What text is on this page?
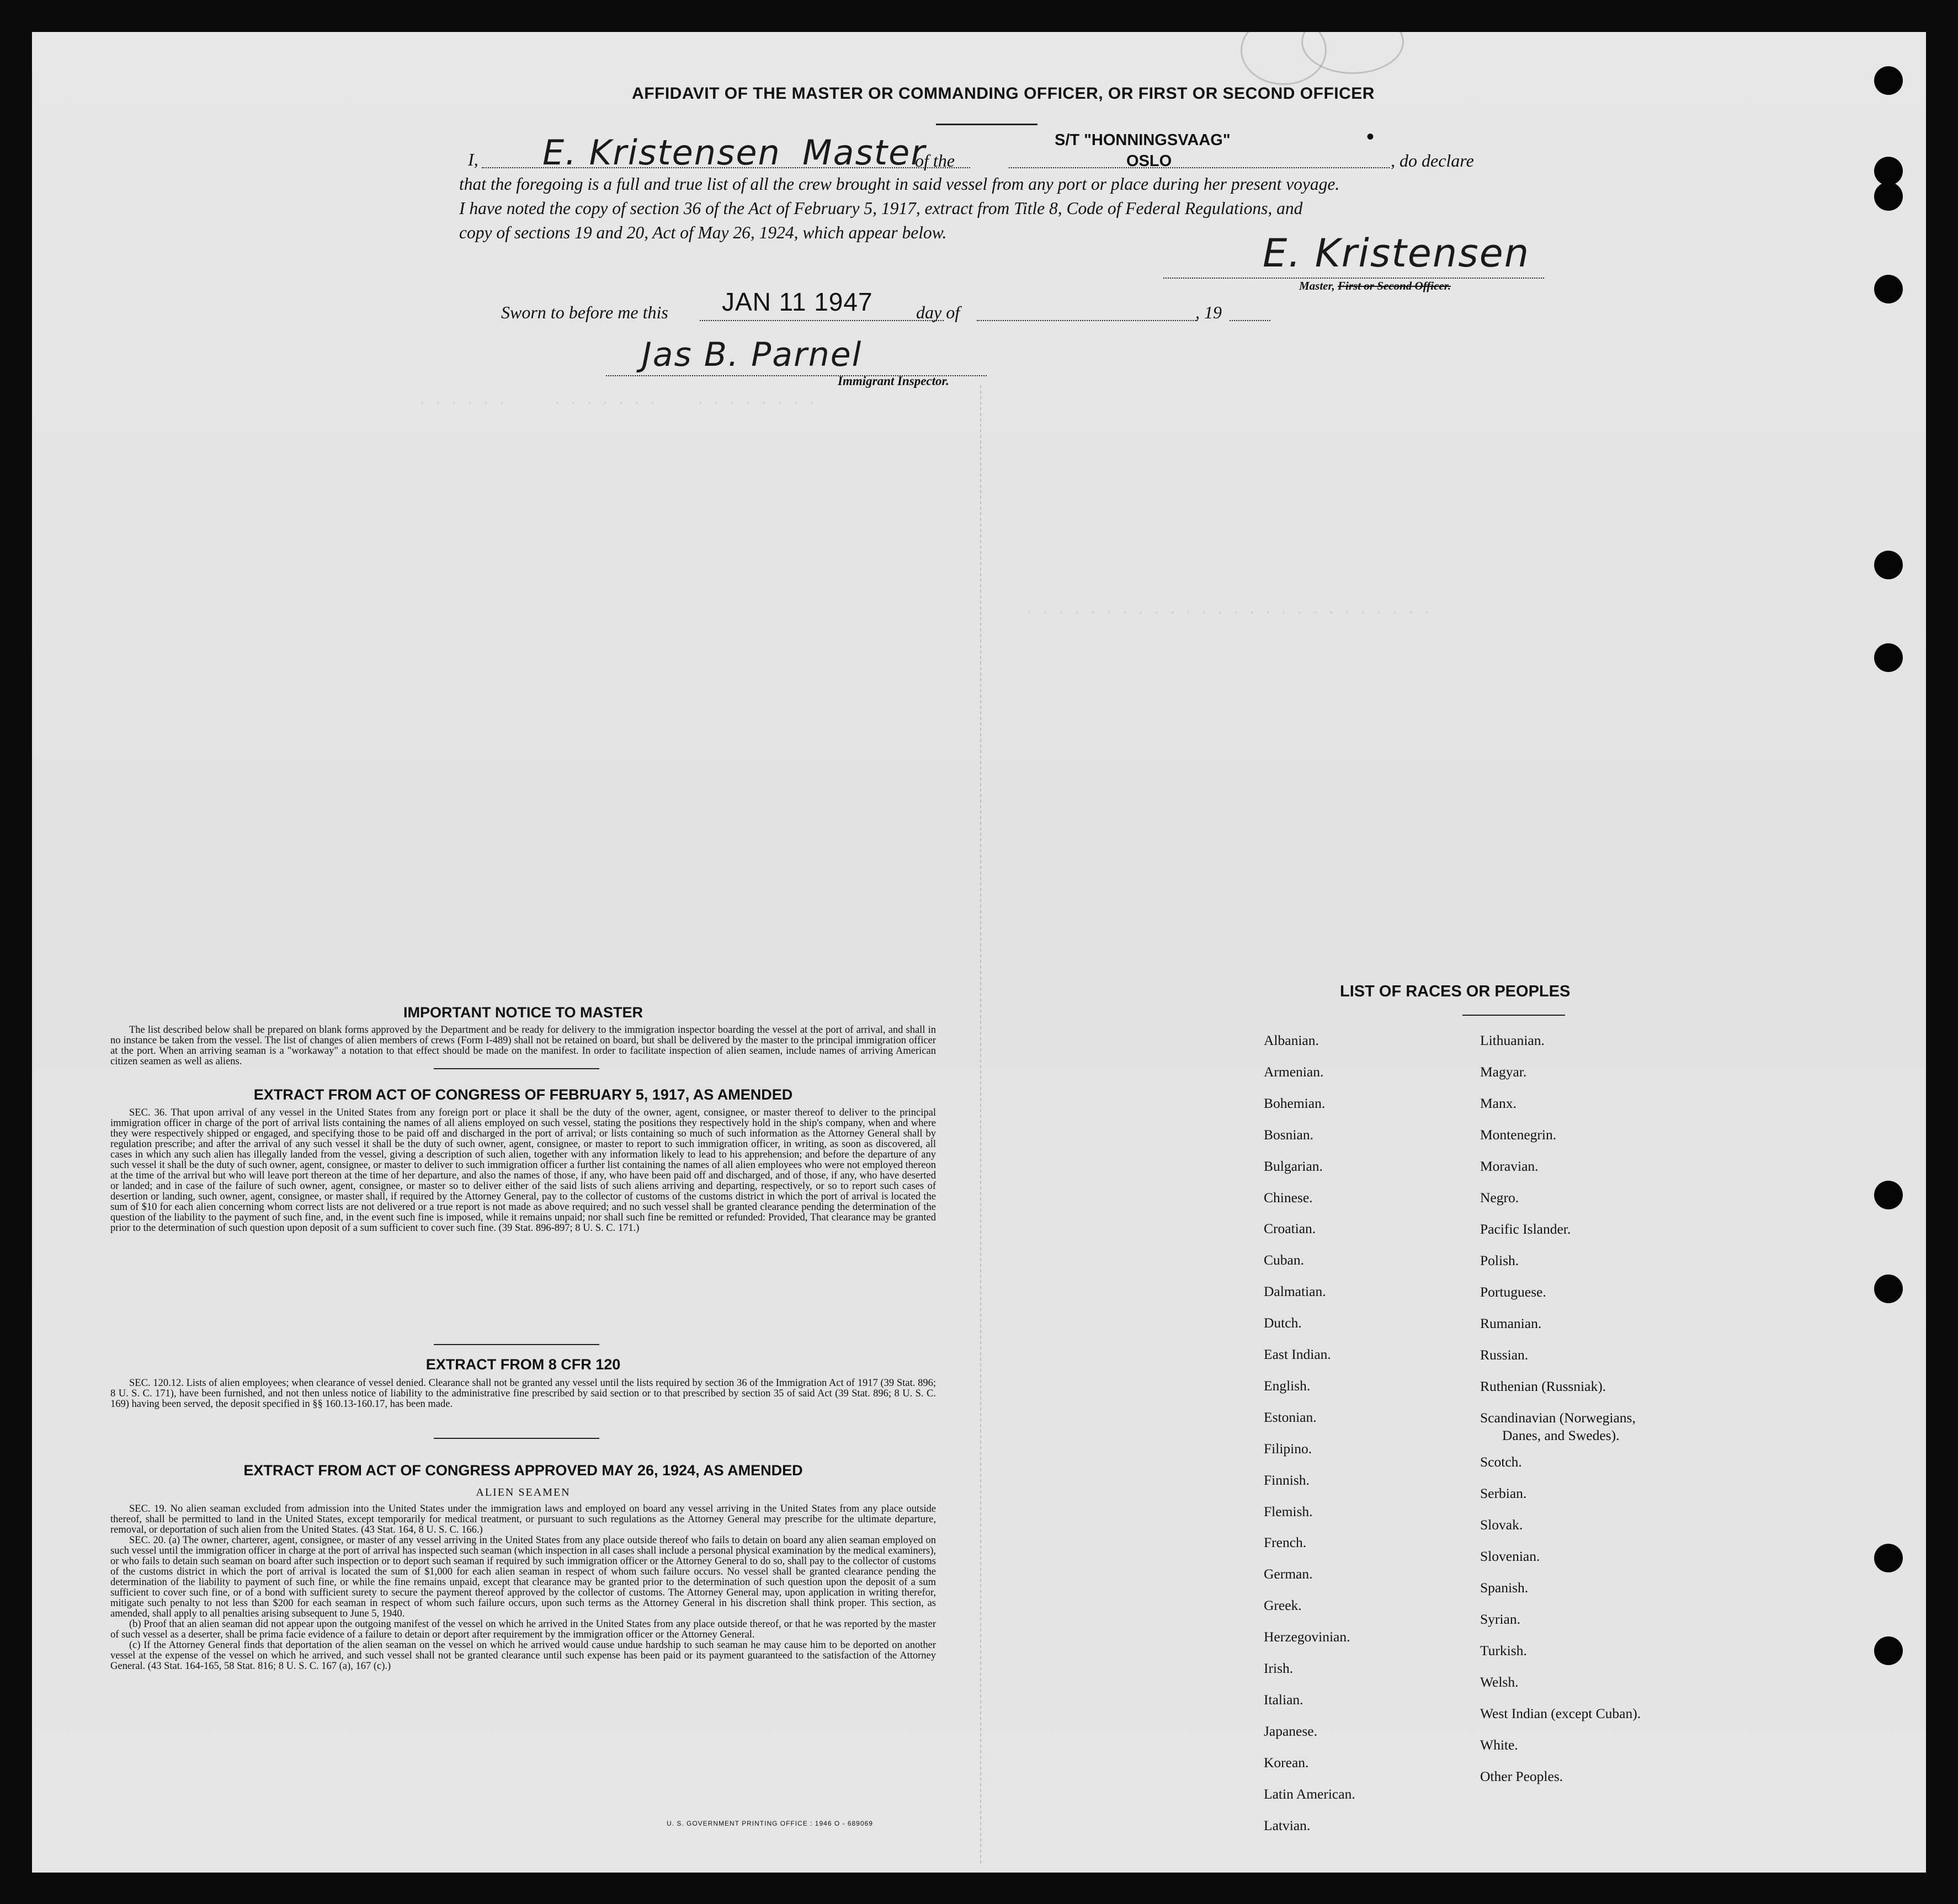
· · · · · ·      · · · · · · ·     · · · · · · · ·
· · · · · · · · · · · · · · · · · · · · · · · · · ·
AFFIDAVIT OF THE MASTER OR COMMANDING OFFICER, OR FIRST OR SECOND OFFICER
I, E. Kristensen Master
of the
S/T "HONNINGSVAAG"
OSLO
•
, do declare
that the foregoing is a full and true list of all the crew brought in said vessel from any port or place during her present voyage.
I have noted the copy of section 36 of the Act of February 5, 1917, extract from Title 8, Code of Federal Regulations, and
copy of sections 19 and 20, Act of May 26, 1924, which appear below.	E. Kristensen
Master, First or Second Officer.
Sworn to before me this JAN 11 1947 day of	, 19
Jas B. Parnel
Immigrant Inspector.
IMPORTANT NOTICE TO MASTER

The list described below shall be prepared on blank forms approved by the Department and be ready for delivery to the immigration inspector boarding the vessel at the port of arrival, and shall in no instance be taken from the vessel. The list of changes of alien members of crews (Form I-489) shall not be retained on board, but shall be delivered by the master to the principal immigration officer at the port. When an arriving seaman is a "workaway" a notation to that effect should be made on the manifest. In order to facilitate inspection of alien seamen, include names of arriving American citizen seamen as well as aliens.

EXTRACT FROM ACT OF CONGRESS OF FEBRUARY 5, 1917, AS AMENDED

SEC. 36. That upon arrival of any vessel in the United States from any foreign port or place it shall be the duty of the owner, agent, consignee, or master thereof to deliver to the principal immigration officer in charge of the port of arrival lists containing the names of all aliens employed on such vessel, stating the positions they respectively hold in the ship's company, when and where they were respectively shipped or engaged, and specifying those to be paid off and discharged in the port of arrival; or lists containing so much of such information as the Attorney General shall by regulation prescribe; and after the arrival of any such vessel it shall be the duty of such owner, agent, consignee, or master to report to such immigration officer, in writing, as soon as discovered, all cases in which any such alien has illegally landed from the vessel, giving a description of such alien, together with any information likely to lead to his apprehension; and before the departure of any such vessel it shall be the duty of such owner, agent, consignee, or master to deliver to such immigration officer a further list containing the names of all alien employees who were not employed thereon at the time of the arrival but who will leave port thereon at the time of her departure, and also the names of those, if any, who have been paid off and discharged, and of those, if any, who have deserted or landed; and in case of the failure of such owner, agent, consignee, or master so to deliver either of the said lists of such aliens arriving and departing, respectively, or so to report such cases of desertion or landing, such owner, agent, consignee, or master shall, if required by the Attorney General, pay to the collector of customs of the customs district in which the port of arrival is located the sum of $10 for each alien concerning whom correct lists are not delivered or a true report is not made as above required; and no such vessel shall be granted clearance pending the determination of the question of the liability to the payment of such fine, and, in the event such fine is imposed, while it remains unpaid; nor shall such fine be remitted or refunded: Provided, That clearance may be granted prior to the determination of such question upon deposit of a sum sufficient to cover such fine. (39 Stat. 896-897; 8 U. S. C. 171.)

EXTRACT FROM 8 CFR 120

SEC. 120.12. Lists of alien employees; when clearance of vessel denied. Clearance shall not be granted any vessel until the lists required by section 36 of the Immigration Act of 1917 (39 Stat. 896; 8 U. S. C. 171), have been furnished, and not then unless notice of liability to the administrative fine prescribed by said section or to that prescribed by section 35 of said Act (39 Stat. 896; 8 U. S. C. 169) having been served, the deposit specified in §§ 160.13-160.17, has been made.

EXTRACT FROM ACT OF CONGRESS APPROVED MAY 26, 1924, AS AMENDED
ALIEN SEAMEN

SEC. 19. No alien seaman excluded from admission into the United States under the immigration laws and employed on board any vessel arriving in the United States from any place outside thereof, shall be permitted to land in the United States, except temporarily for medical treatment, or pursuant to such regulations as the Attorney General may prescribe for the ultimate departure, removal, or deportation of such alien from the United States. (43 Stat. 164, 8 U. S. C. 166.)

SEC. 20. (a) The owner, charterer, agent, consignee, or master of any vessel arriving in the United States from any place outside thereof who fails to detain on board any alien seaman employed on such vessel until the immigration officer in charge at the port of arrival has inspected such seaman (which inspection in all cases shall include a personal physical examination by the medical examiners), or who fails to detain such seaman on board after such inspection or to deport such seaman if required by such immigration officer or the Attorney General to do so, shall pay to the collector of customs of the customs district in which the port of arrival is located the sum of $1,000 for each alien seaman in respect of whom such failure occurs. No vessel shall be granted clearance pending the determination of the liability to payment of such fine, or while the fine remains unpaid, except that clearance may be granted prior to the determination of such question upon the deposit of a sum sufficient to cover such fine, or of a bond with sufficient surety to secure the payment thereof approved by the collector of customs. The Attorney General may, upon application in writing therefor, mitigate such penalty to not less than $200 for each seaman in respect of whom such failure occurs, upon such terms as the Attorney General in his discretion shall think proper. This section, as amended, shall apply to all penalties arising subsequent to June 5, 1940.

(b) Proof that an alien seaman did not appear upon the outgoing manifest of the vessel on which he arrived in the United States from any place outside thereof, or that he was reported by the master of such vessel as a deserter, shall be prima facie evidence of a failure to detain or deport after requirement by the immigration officer or the Attorney General.

(c) If the Attorney General finds that deportation of the alien seaman on the vessel on which he arrived would cause undue hardship to such seaman he may cause him to be deported on another vessel at the expense of the vessel on which he arrived, and such vessel shall not be granted clearance until such expense has been paid or its payment guaranteed to the satisfaction of the Attorney General. (43 Stat. 164-165, 58 Stat. 816; 8 U. S. C. 167 (a), 167 (c).)

U. S. GOVERNMENT PRINTING OFFICE : 1946 O - 689069
LIST OF RACES OR PEOPLES
Albanian.
Armenian.
Bohemian.
Bosnian.
Bulgarian.
Chinese.
Croatian.
Cuban.
Dalmatian.
Dutch.
East Indian.
English.
Estonian.
Filipino.
Finnish.
Flemish.
French.
German.
Greek.
Herzegovinian.
Irish.
Italian.
Japanese.
Korean.
Latin American.
Latvian.
Lithuanian.
Magyar.
Manx.
Montenegrin.
Moravian.
Negro.
Pacific Islander.
Polish.
Portuguese.
Rumanian.
Russian.
Ruthenian (Russniak).
Scandinavian (Norwegians,
Danes, and Swedes).
Scotch.
Serbian.
Slovak.
Slovenian.
Spanish.
Syrian.
Turkish.
Welsh.
West Indian (except Cuban).
White.
Other Peoples.
